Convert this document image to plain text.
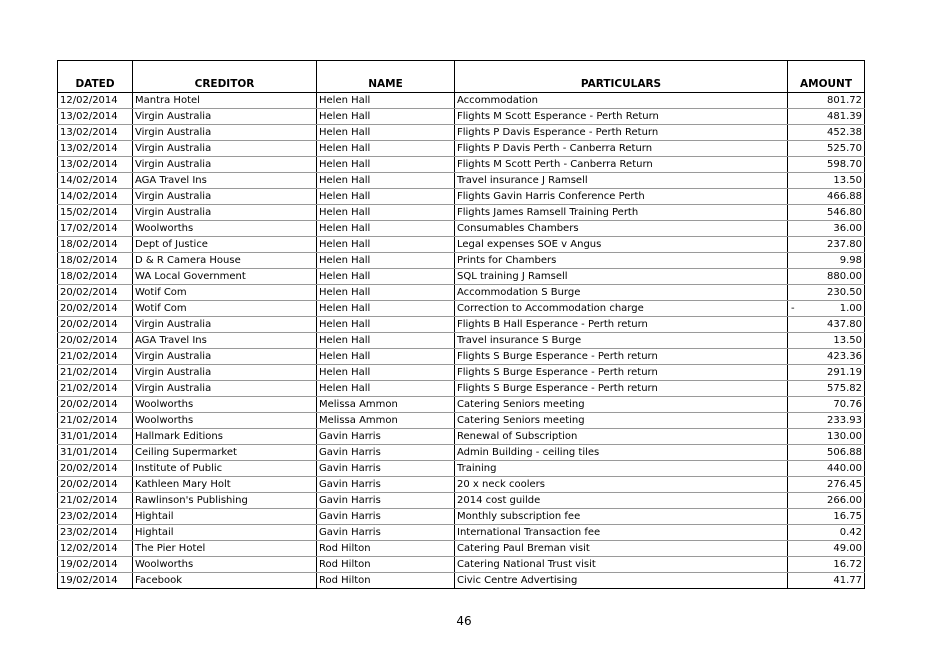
DATED	CREDITOR	NAME	PARTICULARS	AMOUNT
12/02/2014	Mantra Hotel	Helen Hall	Accommodation	801.72
13/02/2014	Virgin Australia	Helen Hall	Flights M Scott Esperance - Perth Return	481.39
13/02/2014	Virgin Australia	Helen Hall	Flights P Davis Esperance - Perth Return	452.38
13/02/2014	Virgin Australia	Helen Hall	Flights P Davis Perth - Canberra Return	525.70
13/02/2014	Virgin Australia	Helen Hall	Flights M Scott Perth - Canberra Return	598.70
14/02/2014	AGA Travel Ins	Helen Hall	Travel insurance J Ramsell	13.50
14/02/2014	Virgin Australia	Helen Hall	Flights Gavin Harris Conference Perth	466.88
15/02/2014	Virgin Australia	Helen Hall	Flights James Ramsell Training Perth	546.80
17/02/2014	Woolworths	Helen Hall	Consumables Chambers	36.00
18/02/2014	Dept of Justice	Helen Hall	Legal expenses SOE v Angus	237.80
18/02/2014	D & R Camera House	Helen Hall	Prints for Chambers	9.98
18/02/2014	WA Local Government	Helen Hall	SQL training J Ramsell	880.00
20/02/2014	Wotif Com	Helen Hall	Accommodation S Burge	230.50
20/02/2014	Wotif Com	Helen Hall	Correction to Accommodation charge	- 1.00
20/02/2014	Virgin Australia	Helen Hall	Flights B Hall Esperance - Perth return	437.80
20/02/2014	AGA Travel Ins	Helen Hall	Travel insurance S Burge	13.50
21/02/2014	Virgin Australia	Helen Hall	Flights S Burge Esperance - Perth return	423.36
21/02/2014	Virgin Australia	Helen Hall	Flights S Burge Esperance - Perth return	291.19
21/02/2014	Virgin Australia	Helen Hall	Flights S Burge Esperance - Perth return	575.82
20/02/2014	Woolworths	Melissa Ammon	Catering Seniors meeting	70.76
21/02/2014	Woolworths	Melissa Ammon	Catering Seniors meeting	233.93
31/01/2014	Hallmark Editions	Gavin Harris	Renewal of Subscription	130.00
31/01/2014	Ceiling Supermarket	Gavin Harris	Admin Building - ceiling tiles	506.88
20/02/2014	Institute of Public	Gavin Harris	Training	440.00
20/02/2014	Kathleen Mary Holt	Gavin Harris	20 x neck coolers	276.45
21/02/2014	Rawlinson's Publishing	Gavin Harris	2014 cost guilde	266.00
23/02/2014	Hightail	Gavin Harris	Monthly subscription fee	16.75
23/02/2014	Hightail	Gavin Harris	International Transaction fee	0.42
12/02/2014	The Pier Hotel	Rod Hilton	Catering Paul Breman visit	49.00
19/02/2014	Woolworths	Rod Hilton	Catering National Trust visit	16.72
19/02/2014	Facebook	Rod Hilton	Civic Centre Advertising	41.77
46
